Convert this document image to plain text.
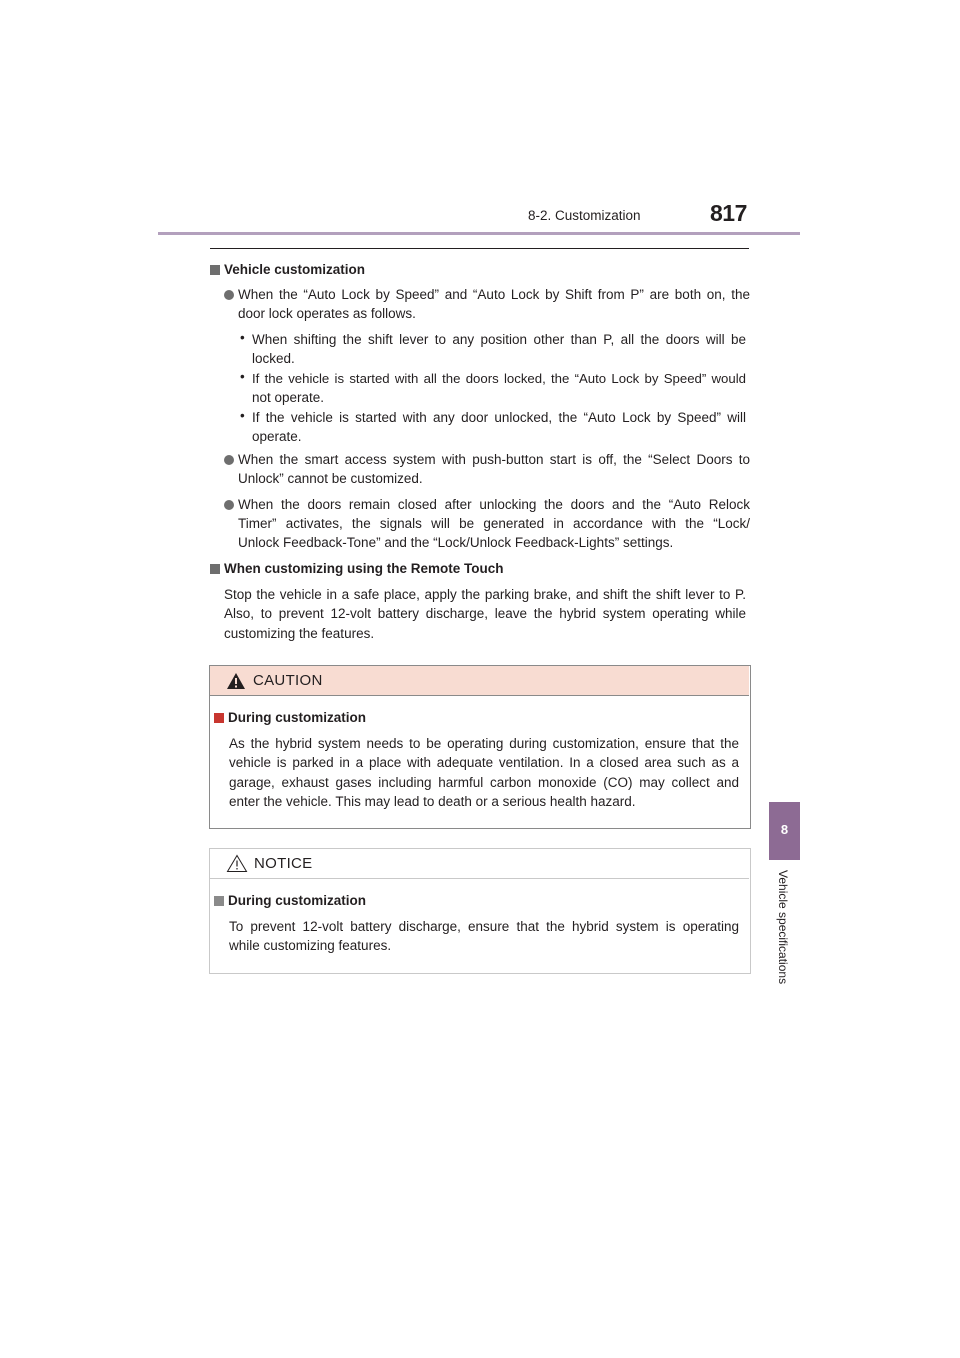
8-2. Customization	817
8
Vehicle specifications
Vehicle customization
When the “Auto Lock by Speed” and “Auto Lock by Shift from P” are both on, the
door lock operates as follows.
• When shifting the shift lever to any position other than P, all the doors will be
locked.
• If the vehicle is started with all the doors locked, the “Auto Lock by Speed” would
not operate.
• If the vehicle is started with any door unlocked, the “Auto Lock by Speed” will
operate.
When the smart access system with push-button start is off, the “Select Doors to
Unlock” cannot be customized.
When the doors remain closed after unlocking the doors and the “Auto Relock
Timer” activates, the signals will be generated in accordance with the “Lock/
Unlock Feedback-Tone” and the “Lock/Unlock Feedback-Lights” settings.
When customizing using the Remote Touch
Stop the vehicle in a safe place, apply the parking brake, and shift the shift lever to P.
Also, to prevent 12-volt battery discharge, leave the hybrid system operating while
customizing the features.
CAUTION
During customization
As the hybrid system needs to be operating during customization, ensure that the
vehicle is parked in a place with adequate ventilation. In a closed area such as a
garage, exhaust gases including harmful carbon monoxide (CO) may collect and
enter the vehicle. This may lead to death or a serious health hazard.
NOTICE
During customization
To prevent 12-volt battery discharge, ensure that the hybrid system is operating
while customizing features.
